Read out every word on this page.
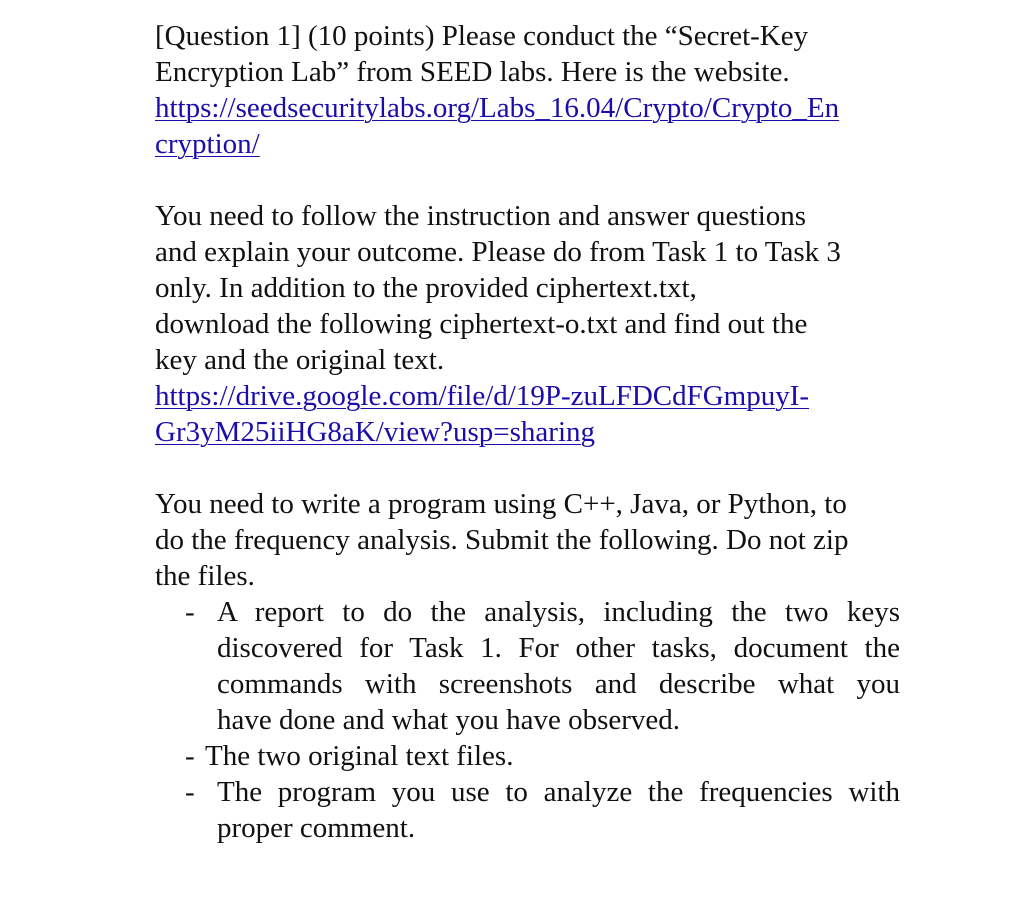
[Question 1] (10 points) Please conduct the “Secret-Key
Encryption Lab” from SEED labs. Here is the website.
https://seedsecuritylabs.org/Labs_16.04/Crypto/Crypto_En
cryption/
You need to follow the instruction and answer questions
and explain your outcome. Please do from Task 1 to Task 3
only. In addition to the provided ciphertext.txt,
download the following ciphertext-o.txt and find out the
key and the original text.
https://drive.google.com/file/d/19P-zuLFDCdFGmpuyI-
Gr3yM25iiHG8aK/view?usp=sharing
You need to write a program using C++, Java, or Python, to
do the frequency analysis. Submit the following. Do not zip
the files.
- A report to do the analysis, including the two keys
discovered for Task 1. For other tasks, document the
commands with screenshots and describe what you
have done and what you have observed.
- The two original text files.
- The program you use to analyze the frequencies with
proper comment.
